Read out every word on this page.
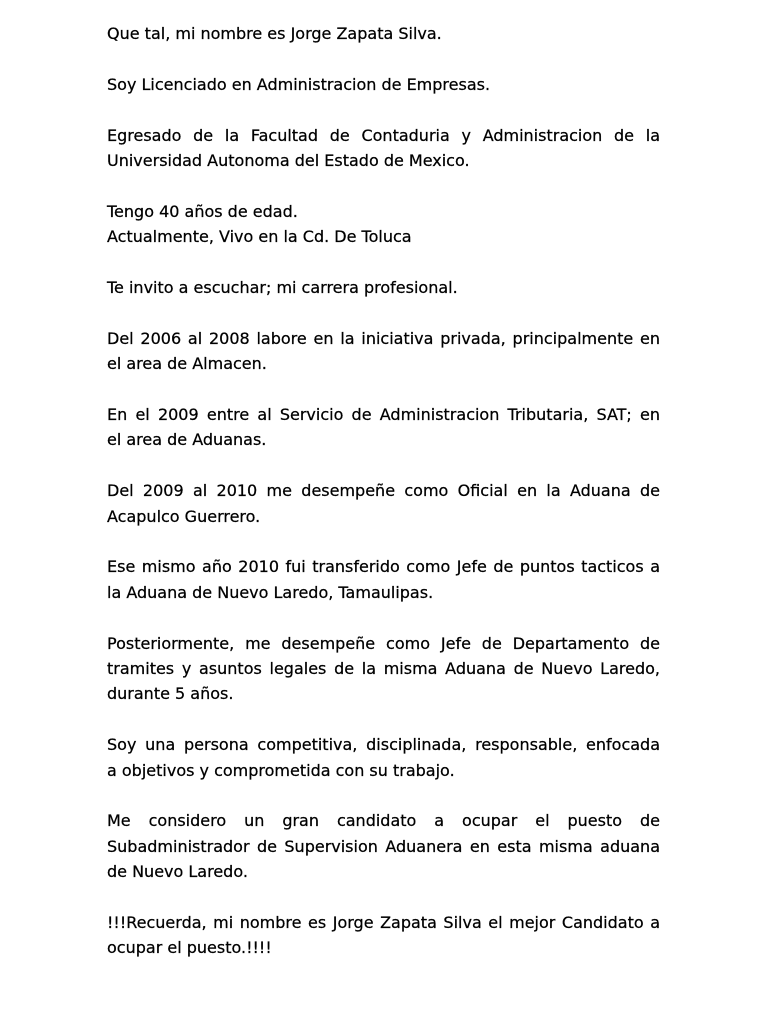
Que tal, mi nombre es Jorge Zapata Silva.

Soy Licenciado en Administracion de Empresas.

Egresado de la Facultad de Contaduria y Administracion de la
Universidad Autonoma del Estado de Mexico.

Tengo 40 años de edad.
Actualmente, Vivo en la Cd. De Toluca

Te invito a escuchar; mi carrera profesional.

Del 2006 al 2008 labore en la iniciativa privada, principalmente en
el area de Almacen.

En el 2009 entre al Servicio de Administracion Tributaria, SAT; en
el area de Aduanas.

Del 2009 al 2010 me desempeñe como Oficial en la Aduana de
Acapulco Guerrero.

Ese mismo año 2010 fui transferido como Jefe de puntos tacticos a
la Aduana de Nuevo Laredo, Tamaulipas.

Posteriormente, me desempeñe como Jefe de Departamento de
tramites y asuntos legales de la misma Aduana de Nuevo Laredo,
durante 5 años.

Soy una persona competitiva, disciplinada, responsable, enfocada
a objetivos y comprometida con su trabajo.

Me considero un gran candidato a ocupar el puesto de
Subadministrador de Supervision Aduanera en esta misma aduana
de Nuevo Laredo.

!!!Recuerda, mi nombre es Jorge Zapata Silva el mejor Candidato a
ocupar el puesto.!!!!
